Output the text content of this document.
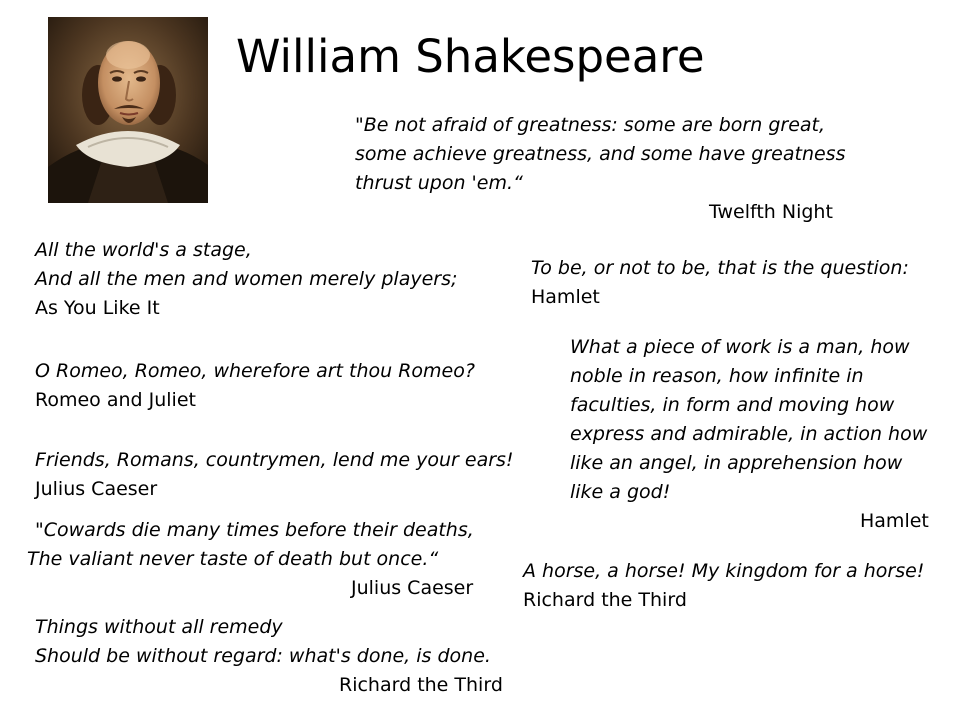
William Shakespeare
"Be not afraid of greatness: some are born great,
some achieve greatness, and some have greatness
thrust upon 'em.“
Twelfth Night
All the world's a stage,
And all the men and women merely players;
As You Like It
To be, or not to be, that is the question:
Hamlet
O Romeo, Romeo, wherefore art thou Romeo?
Romeo and Juliet
What a piece of work is a man, how
noble in reason, how infinite in
faculties, in form and moving how
express and admirable, in action how
like an angel, in apprehension how
like a god!
Hamlet
Friends, Romans, countrymen, lend me your ears!
Julius Caeser
"Cowards die many times before their deaths,
The valiant never taste of death but once.“
Julius Caeser
A horse, a horse! My kingdom for a horse!
Richard the Third
Things without all remedy
Should be without regard: what's done, is done.
Richard the Third
